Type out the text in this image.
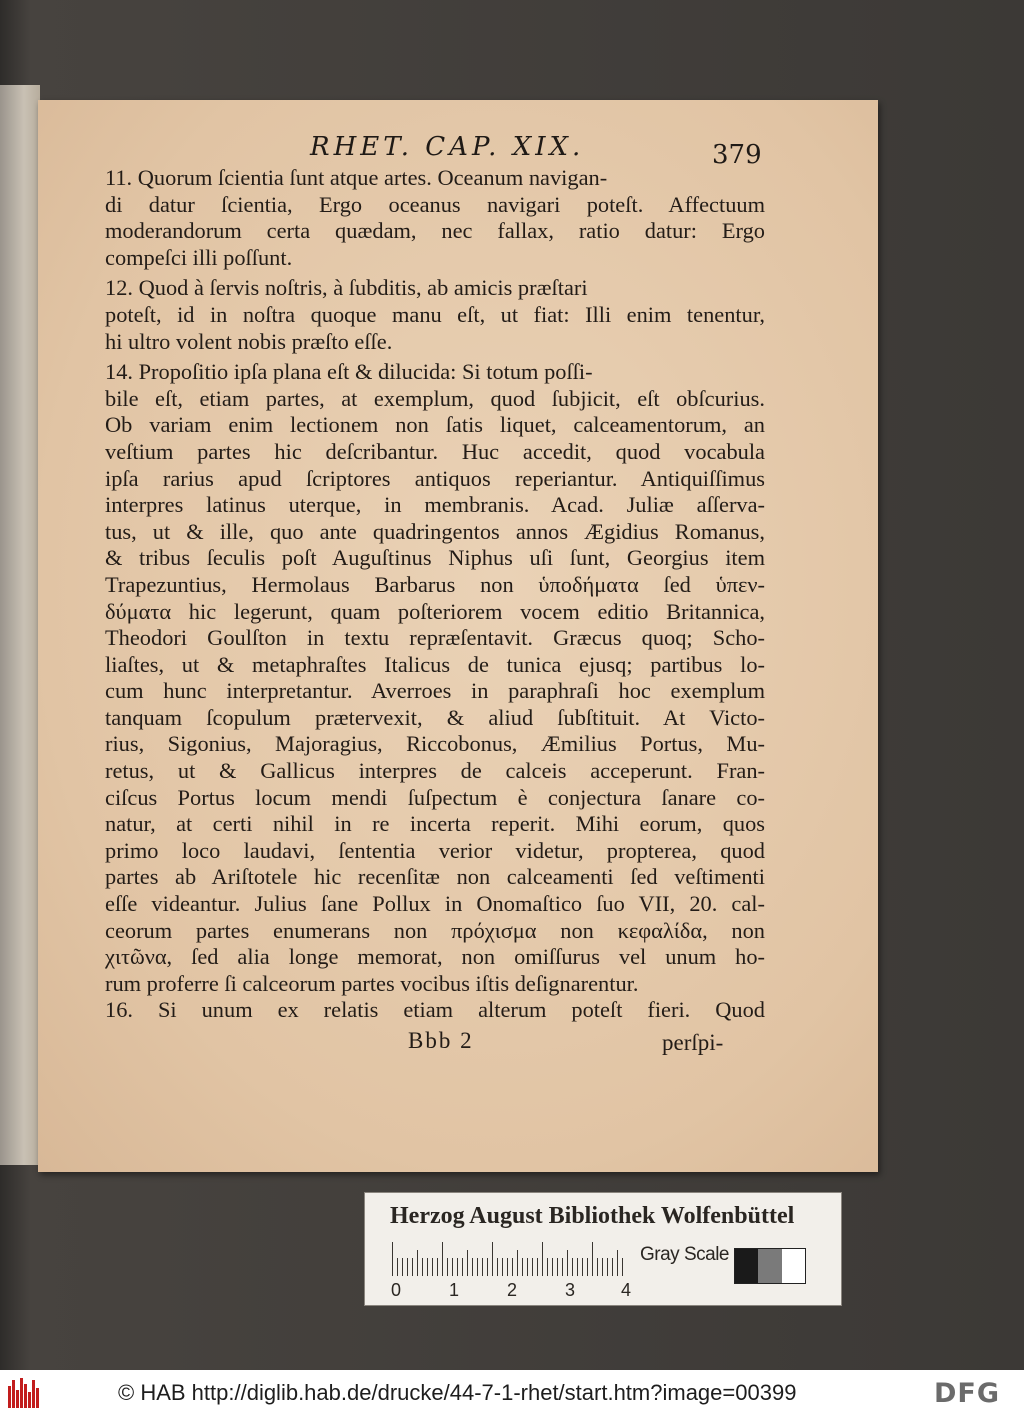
RHET. CAP. XIX.	379
11. Quorum ſcientia ſunt atque artes. Oceanum navigan-
di datur ſcientia, Ergo oceanus navigari poteſt. Affectuum
moderandorum certa quædam, nec fallax, ratio datur: Ergo
compeſci illi poſſunt.
12. Quod à ſervis noſtris, à ſubditis, ab amicis præſtari
poteſt, id in noſtra quoque manu eſt, ut fiat: Illi enim tenentur,
hi ultro volent nobis præſto eſſe.
14. Propoſitio ipſa plana eſt & dilucida: Si totum poſſi-
bile eſt, etiam partes, at exemplum, quod ſubjicit, eſt obſcurius.
Ob variam enim lectionem non ſatis liquet, calceamentorum, an
veſtium partes hic deſcribantur. Huc accedit, quod vocabula
ipſa rarius apud ſcriptores antiquos reperiantur. Antiquiſſimus
interpres latinus uterque, in membranis. Acad. Juliæ aſſerva-
tus, ut & ille, quo ante quadringentos annos Ægidius Romanus,
& tribus ſeculis poſt Auguſtinus Niphus uſi ſunt, Georgius item
Trapezuntius, Hermolaus Barbarus non ὑποδήματα ſed ὑπεν-
δύματα hic legerunt, quam poſteriorem vocem editio Britannica,
Theodori Goulſton in textu repræſentavit. Græcus quoq; Scho-
liaſtes, ut & metaphraſtes Italicus de tunica ejusq; partibus lo-
cum hunc interpretantur. Averroes in paraphraſi hoc exemplum
tanquam ſcopulum prætervexit, & aliud ſubſtituit. At Victo-
rius, Sigonius, Majoragius, Riccobonus, Æmilius Portus, Mu-
retus, ut & Gallicus interpres de calceis acceperunt. Fran-
ciſcus Portus locum mendi ſuſpectum è conjectura ſanare co-
natur, at certi nihil in re incerta reperit. Mihi eorum, quos
primo loco laudavi, ſententia verior videtur, propterea, quod
partes ab Ariſtotele hic recenſitæ non calceamenti ſed veſtimenti
eſſe videantur. Julius ſane Pollux in Onomaſtico ſuo VII, 20. cal-
ceorum partes enumerans non πρόχισμα non κεφαλίδα, non
χιτῶνα, ſed alia longe memorat, non omiſſurus vel unum ho-
rum proferre ſi calceorum partes vocibus iſtis deſignarentur.
16. Si unum ex relatis etiam alterum poteſt fieri. Quod
Bbb 2	perſpi-
Herzog August Bibliothek Wolfenbüttel
Gray Scale
0	1	2	3	4
© HAB http://diglib.hab.de/drucke/44-7-1-rhet/start.htm?image=00399	DFG
